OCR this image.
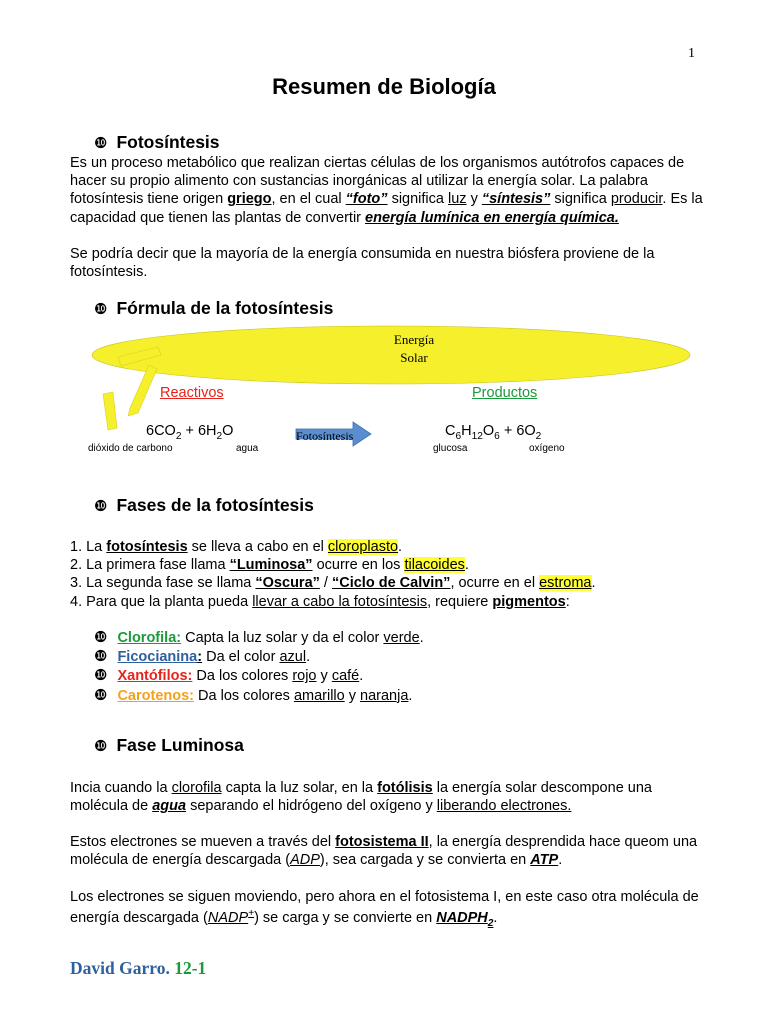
1
Resumen de Biología
❿ Fotosíntesis
Es un proceso metabólico que realizan ciertas células de los organismos autótrofos capaces de hacer su propio alimento con sustancias inorgánicas al utilizar la energía solar. La palabra fotosíntesis tiene origen griego, en el cual “foto” significa luz y “síntesis” significa producir. Es la capacidad que tienen las plantas de convertir energía lumínica en energía química.
Se podría decir que la mayoría de la energía consumida en nuestra biósfera proviene de la fotosíntesis.
❿ Fórmula de la fotosíntesis
Energía
Solar
Reactivos	Productos
$6CO_2 + 6H_2O$	$C_6H_{12}O_6 + 6O_2$
Fotosíntesis
dióxido de carbono	agua	glucosa	oxígeno
❿ Fases de la fotosíntesis
1. La fotosíntesis se lleva a cabo en el cloroplasto.
2. La primera fase llama “Luminosa” ocurre en los tilacoides.
3. La segunda fase se llama “Oscura” / “Ciclo de Calvin”, ocurre en el estroma.
4. Para que la planta pueda llevar a cabo la fotosíntesis, requiere pigmentos:
❿ Clorofila: Capta la luz solar y da el color verde.
❿ Ficocianina: Da el color azul.
❿ Xantófilos: Da los colores rojo y café.
❿ Carotenos: Da los colores amarillo y naranja.
❿ Fase Luminosa
Incia cuando la clorofila capta la luz solar, en la fotólisis la energía solar descompone una molécula de agua separando el hidrógeno del oxígeno y liberando electrones.
Estos electrones se mueven a través del fotosistema II, la energía desprendida hace queom una molécula de energía descargada (ADP), sea cargada y se convierta en ATP.
Los electrones se siguen moviendo, pero ahora en el fotosistema I, en este caso otra molécula de energía descargada (NADP+) se carga y se convierte en $NADPH_2$.
David Garro. 12-1
